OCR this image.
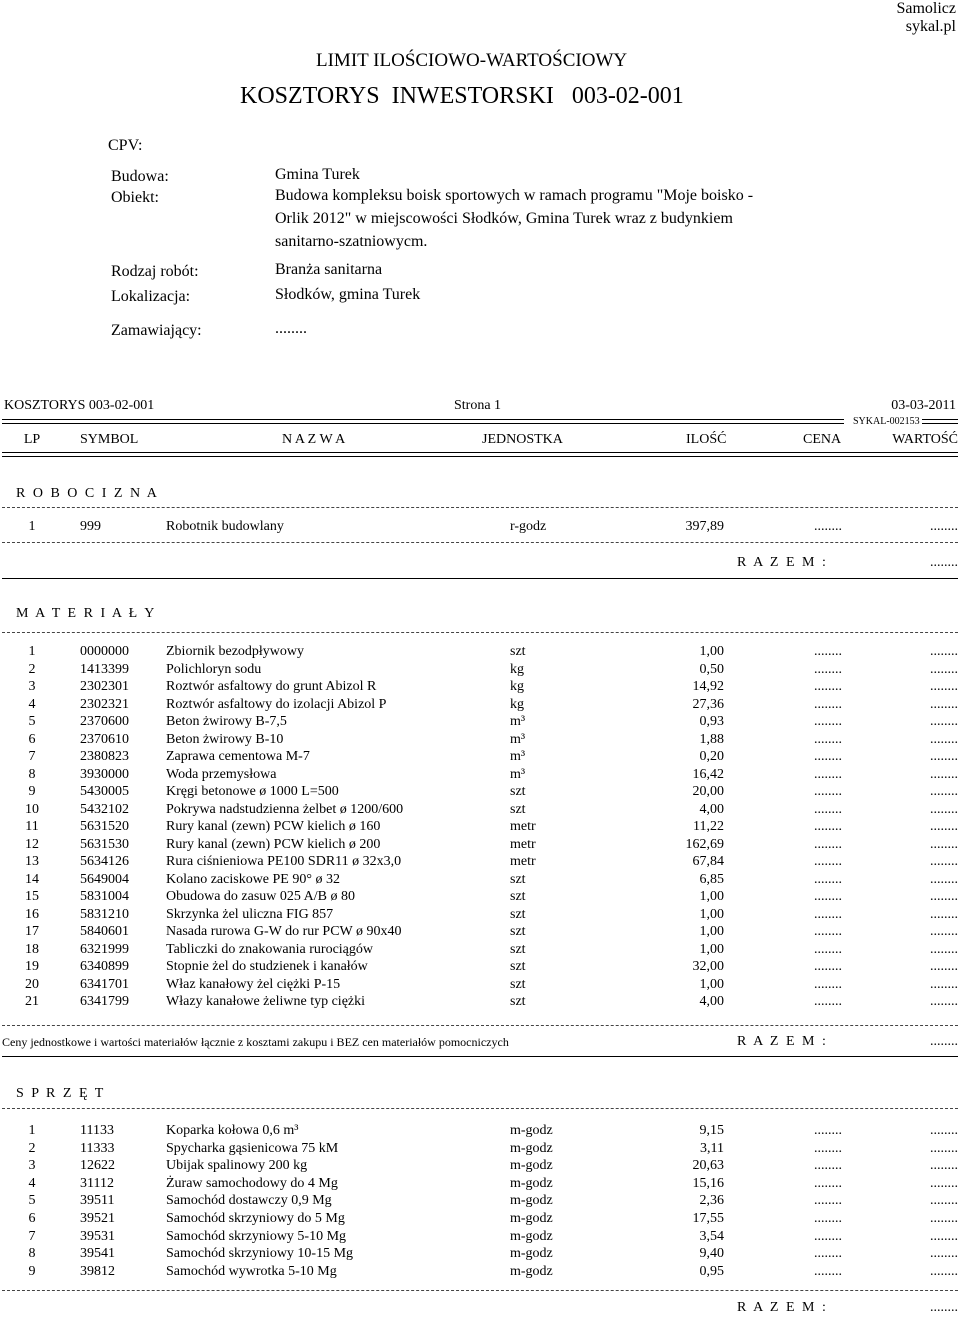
Samolicz
sykal.pl
LIMIT ILOŚCIOWO-WARTOŚCIOWY
KOSZTORYS  INWESTORSKI   003-02-001
CPV:
Budowa:	Gmina Turek
Obiekt:	Budowa kompleksu boisk sportowych w ramach programu "Moje boisko -
Orlik 2012" w miejscowości Słodków, Gmina Turek wraz z budynkiem
sanitarno-szatniowycm.
Rodzaj robót:	Branża sanitarna
Lokalizacja:	Słodków, gmina Turek
Zamawiający:	........
KOSZTORYS 003-02-001	Strona 1	03-03-2011
SYKAL-002153
LP	SYMBOL	N A Z W A	JEDNOSTKA	ILOŚĆ	CENA	WARTOŚĆ
R O B O C I Z N A
1	999	Robotnik budowlany	r-godz	397,89	........	........
R A Z E M :	........
M A T E R I A Ł Y
1	0000000	Zbiornik bezodpływowy	szt	1,00	........	........
2	1413399	Polichloryn sodu	kg	0,50	........	........
3	2302301	Roztwór asfaltowy do grunt Abizol R	kg	14,92	........	........
4	2302321	Roztwór asfaltowy do izolacji Abizol P	kg	27,36	........	........
5	2370600	Beton żwirowy B-7,5	m³	0,93	........	........
6	2370610	Beton żwirowy B-10	m³	1,88	........	........
7	2380823	Zaprawa cementowa M-7	m³	0,20	........	........
8	3930000	Woda przemysłowa	m³	16,42	........	........
9	5430005	Kręgi betonowe ø 1000 L=500	szt	20,00	........	........
10	5432102	Pokrywa nadstudzienna żelbet ø 1200/600	szt	4,00	........	........
11	5631520	Rury kanal (zewn) PCW kielich ø 160	metr	11,22	........	........
12	5631530	Rury kanal (zewn) PCW kielich ø 200	metr	162,69	........	........
13	5634126	Rura ciśnieniowa PE100 SDR11 ø 32x3,0	metr	67,84	........	........
14	5649004	Kolano zaciskowe PE 90° ø 32	szt	6,85	........	........
15	5831004	Obudowa do zasuw 025 A/B ø 80	szt	1,00	........	........
16	5831210	Skrzynka żel uliczna FIG 857	szt	1,00	........	........
17	5840601	Nasada rurowa G-W do rur PCW ø 90x40	szt	1,00	........	........
18	6321999	Tabliczki do znakowania rurociągów	szt	1,00	........	........
19	6340899	Stopnie żel do studzienek i kanałów	szt	32,00	........	........
20	6341701	Właz kanałowy żel ciężki P-15	szt	1,00	........	........
21	6341799	Włazy kanałowe żeliwne typ ciężki	szt	4,00	........	........
Ceny jednostkowe i wartości materiałów łącznie z kosztami zakupu i BEZ cen materiałów pomocniczych	R A Z E M :	........
S P R Z Ę T
1	11133	Koparka kołowa 0,6 m³	m-godz	9,15	........	........
2	11333	Spycharka gąsienicowa 75 kM	m-godz	3,11	........	........
3	12622	Ubijak spalinowy 200 kg	m-godz	20,63	........	........
4	31112	Żuraw samochodowy do 4 Mg	m-godz	15,16	........	........
5	39511	Samochód dostawczy 0,9 Mg	m-godz	2,36	........	........
6	39521	Samochód skrzyniowy do 5 Mg	m-godz	17,55	........	........
7	39531	Samochód skrzyniowy 5-10 Mg	m-godz	3,54	........	........
8	39541	Samochód skrzyniowy 10-15 Mg	m-godz	9,40	........	........
9	39812	Samochód wywrotka 5-10 Mg	m-godz	0,95	........	........
R A Z E M :	........
